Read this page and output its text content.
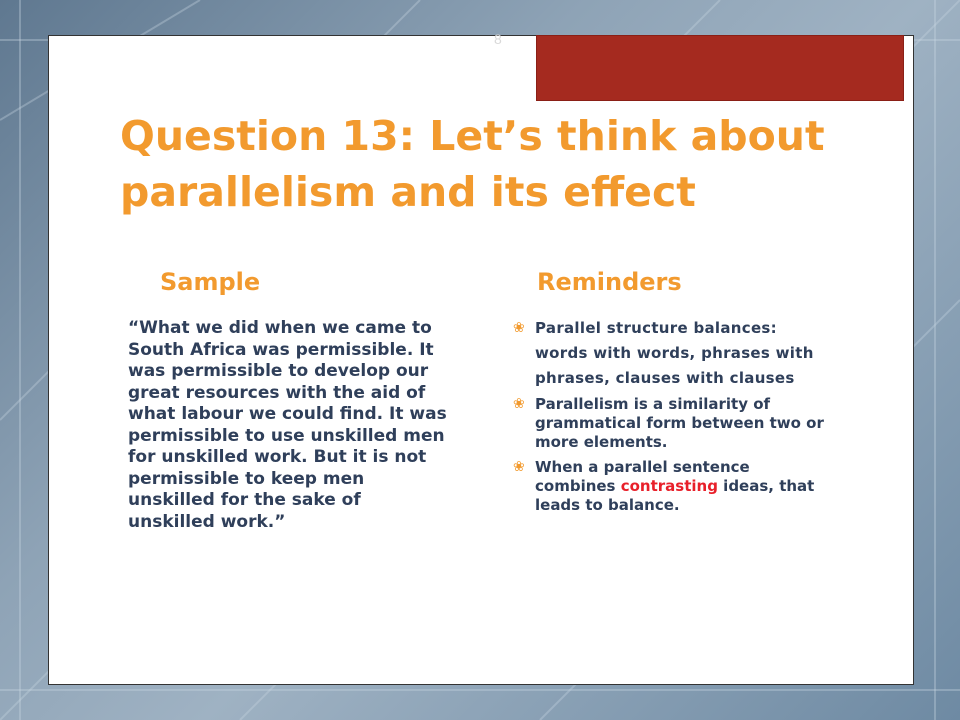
8
Question 13: Let’s think about parallelism and its effect
Sample	Reminders
“What we did when we came to South Africa was permissible. It was permissible to develop our great resources with the aid of what labour we could find. It was permissible to use unskilled men for unskilled work. But it is not permissible to keep men unskilled for the sake of unskilled work.”
❀ Parallel structure balances: words with words, phrases with phrases, clauses with clauses
❀ Parallelism is a similarity of grammatical form between two or more elements.
❀ When a parallel sentence combines contrasting ideas, that leads to balance.
